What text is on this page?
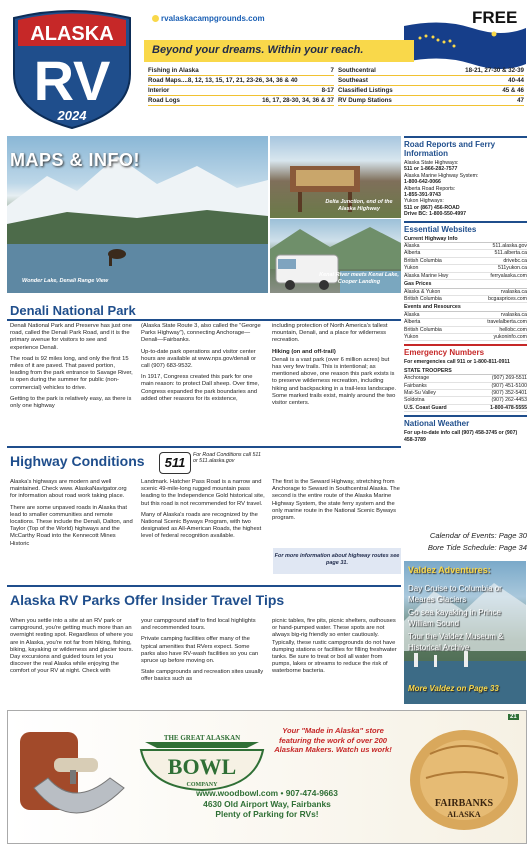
ALASKA
RV
2024
rvalaskacampgrounds.com	FREE
Beyond your dreams. Within your reach.
Fishing in Alaska	7
Road Maps....8, 12, 13, 15, 17, 21, 23-26, 34, 36 & 40
Interior	8-17
Road Logs	16, 17, 28-30, 34, 36 & 37
Southcentral	18-21, 27-30 & 32-39
Southeast	40-44
Classified Listings	45 & 46
RV Dump Stations	47
MAPS & INFO!
Wonder Lake, Denali Range View
Delta Junction, end of the Alaska Highway
Kenai River meets Kenai Lake, Cooper Landing
Road Reports and Ferry Information
Alaska State Highways:
511 or 1-866-282-7577
Alaska Marine Highway System:
1-800-642-0066
Alberta Road Reports:
1-855-391-9743
Yukon Highways:
511 or (867) 456-ROAD
Drive BC: 1-800-550-4997
Essential Websites
Current Highway Info
Alaska	511.alaska.gov
Alberta	511.alberta.ca
British Columbia	drivebc.ca
Yukon	511yukon.ca
Alaska Marine Hwy	ferryalaska.com
Gas Prices
Alaska & Yukon	rvalaska.ca
British Columbia	bcgasprices.com
Events and Resources
Alaska	rvalaska.ca
Alberta	travelalberta.com
British Columbia	hellobc.com
Yukon	yukoninfo.com
Emergency Numbers
For emergencies call 911 or 1-800-811-0911
STATE TROOPERS
Anchorage	(907) 269-5511
Fairbanks	(907) 451-5100
Mat-Su Valley	(907) 352-5401
Soldotna	(907) 262-4453
U.S. Coast Guard	1-800-478-5555
National Weather
For up-to-date info call (907) 458-3745 or (907) 458-3789
Denali National Park

Denali National Park and Preserve has just one road, called the Denali Park Road, and it is the primary avenue for visitors to see and experience Denali.

The road is 92 miles long, and only the first 15 miles of it are paved. That paved portion, leading from the park entrance to Savage River, is open during the summer for public (non-commercial) vehicles to drive.

Getting to the park is relatively easy, as there is only one highway

(Alaska State Route 3, also called the "George Parks Highway"), connecting Anchorage—Denali—Fairbanks.

Up-to-date park operations and visitor center hours are available at www.nps.gov/denali or call (907) 683-9532.

In 1917, Congress created this park for one main reason: to protect Dall sheep. Over time, Congress expanded the park boundaries and added other reasons for its existence,

including protection of North America's tallest mountain, Denali, and a place for wilderness recreation.

Hiking (on and off-trail)

Denali is a vast park (over 6 million acres) but has very few trails. This is intentional; as mentioned above, one reason this park exists is to preserve wilderness recreation, including hiking and backpacking in a trail-less landscape. Some marked trails exist, mainly around the two visitor centers.

Highway Conditions	511	For Road Conditions call 511 or 511.alaska.gov

Alaska's highways are modern and well maintained. Check www. AlaskaNavigator.org for information about road work taking place.

There are some unpaved roads in Alaska that lead to smaller communities and remote locations. These include the Denali, Dalton, and Taylor (Top of the World) highways and the McCarthy Road into the Kennecott Mines Historic

Landmark. Hatcher Pass Road is a narrow and scenic 49-mile-long rugged mountain pass leading to the Independence Gold historical site, but this road is not recommended for RV travel.

Many of Alaska's roads are recognized by the National Scenic Byways Program, with two designated as All-American Roads, the highest level of federal recognition available.

The first is the Seward Highway, stretching from Anchorage to Seward in Southcentral Alaska. The second is the entire route of the Alaska Marine Highway System, the state ferry system and the only marine route in the National Scenic Byways program.

For more information about highway routes see page 31.
Calendar of Events: Page 30
Bore Tide Schedule: Page 34
Valdez Adventures:
Day Cruise to Columbia or Meares Glaciers
Go sea kayaking in Prince William Sound
Tour the Valdez Museum & Historical Archive
More Valdez on Page 33
Alaska RV Parks Offer Insider Travel Tips

When you settle into a site at an RV park or campground, you're getting much more than an overnight resting spot. Regardless of where you are in Alaska, you're not far from hiking, fishing, biking, kayaking or wilderness and glacier tours. Day excursions and guided tours let you discover the real Alaska while enjoying the comfort of your RV at night. Check with

your campground staff to find local highlights and recommended tours.

Private camping facilities offer many of the typical amenities that RVers expect. Some parks also have RV-wash facilities so you can spruce up before moving on.

State campgrounds and recreation sites usually offer basics such as

picnic tables, fire pits, picnic shelters, outhouses or hand-pumped water. These spots are not always big-rig friendly so enter cautiously. Typically, these rustic campgrounds do not have dumping stations or facilities for filling freshwater tanks. Be sure to treat or boil all water from pumps, lakes or streams to reduce the risk of waterborne bacteria.

21
THE GREAT ALASKAN
BOWL
COMPANY
Your "Made in Alaska" store featuring the work of over 200 Alaskan Makers. Watch us work!
www.woodbowl.com • 907-474-9663
4630 Old Airport Way, Fairbanks
Plenty of Parking for RVs!
FAIRBANKS
ALASKA
